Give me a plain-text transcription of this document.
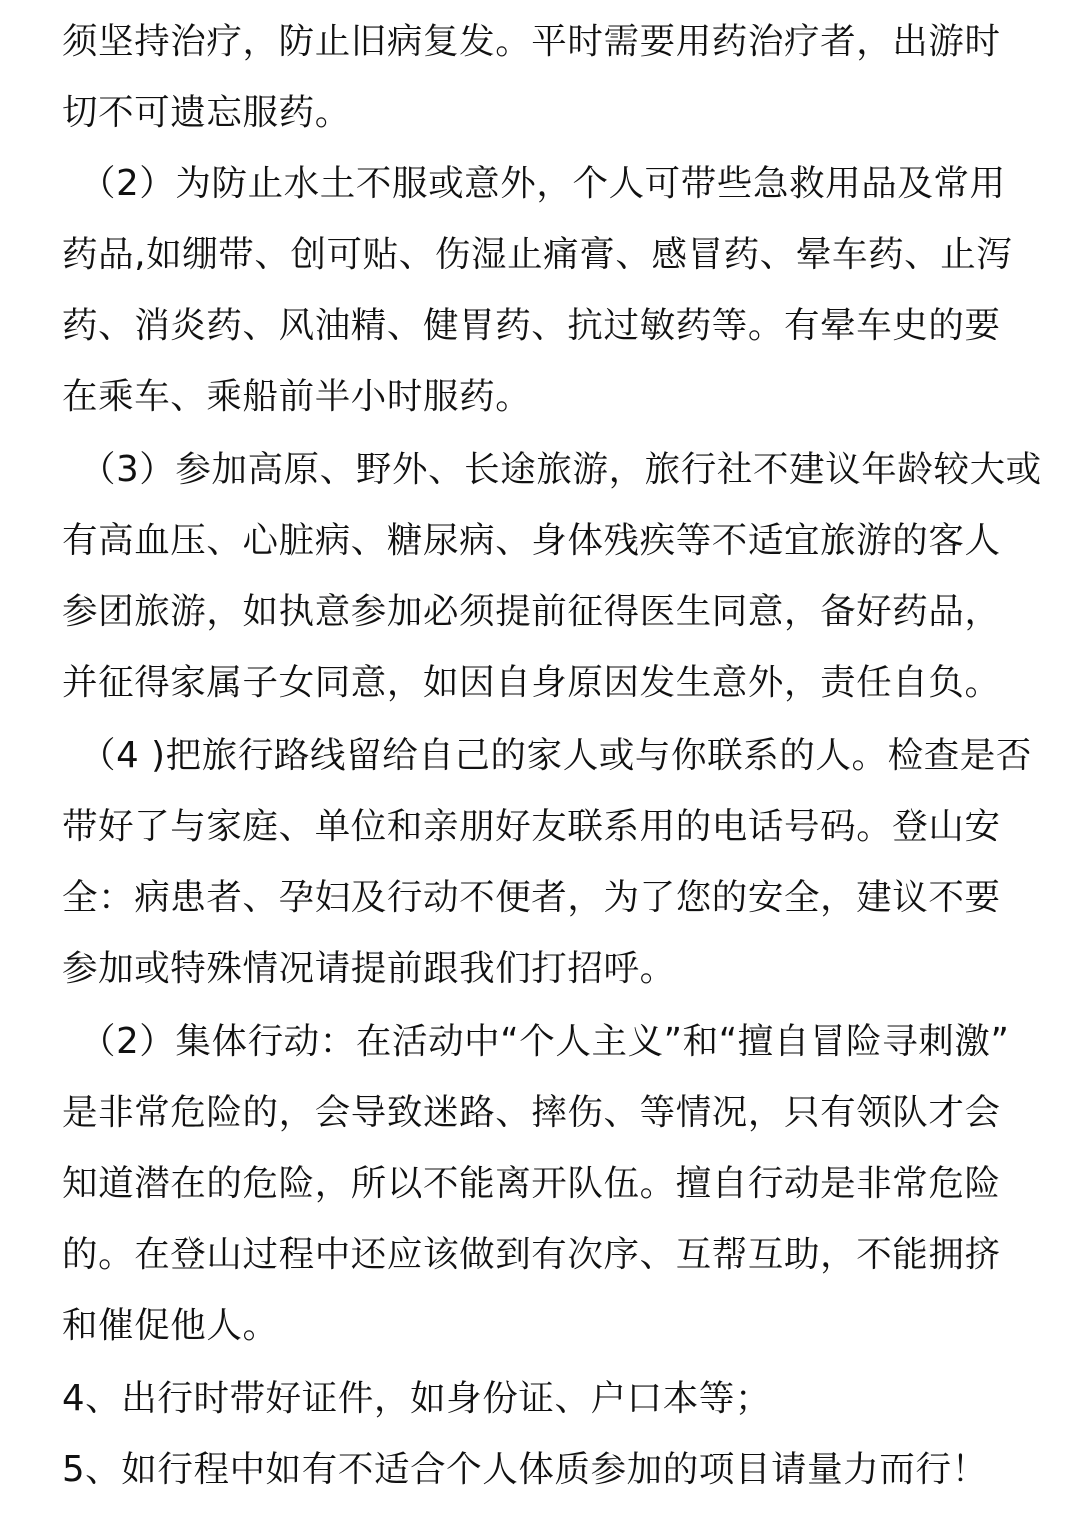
须坚持治疗，防止旧病复发。平时需要用药治疗者，出游时

切不可遗忘服药。

（2）为防止水土不服或意外，个人可带些急救用品及常用

药品,如绷带、创可贴、伤湿止痛膏、感冒药、晕车药、止泻

药、消炎药、风油精、健胃药、抗过敏药等。有晕车史的要

在乘车、乘船前半小时服药。

（3）参加高原、野外、长途旅游，旅行社不建议年龄较大或

有高血压、心脏病、糖尿病、身体残疾等不适宜旅游的客人

参团旅游，如执意参加必须提前征得医生同意，备好药品，

并征得家属子女同意，如因自身原因发生意外，责任自负。

（4 )把旅行路线留给自己的家人或与你联系的人。检查是否

带好了与家庭、单位和亲朋好友联系用的电话号码。登山安

全：病患者、孕妇及行动不便者，为了您的安全，建议不要

参加或特殊情况请提前跟我们打招呼。

（2）集体行动：在活动中“个人主义”和“擅自冒险寻刺激”

是非常危险的，会导致迷路、摔伤、等情况，只有领队才会

知道潜在的危险，所以不能离开队伍。擅自行动是非常危险

的。在登山过程中还应该做到有次序、互帮互助，不能拥挤

和催促他人。

4、出行时带好证件，如身份证、户口本等；

5、如行程中如有不适合个人体质参加的项目请量力而行！
